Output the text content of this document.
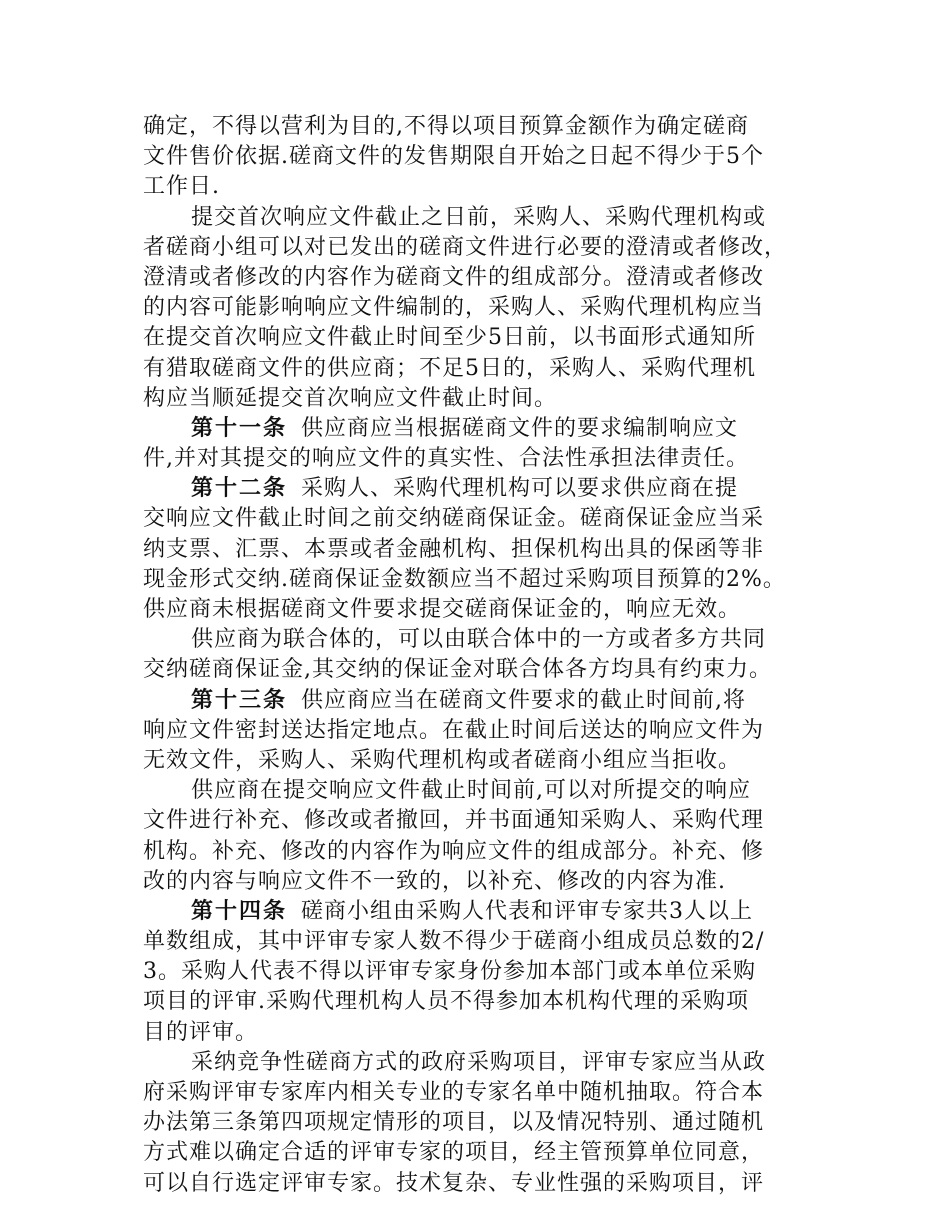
确定，不得以营利为目的,不得以项目预算金额作为确定磋商
文件售价依据.磋商文件的发售期限自开始之日起不得少于5个
工作日.
提交首次响应文件截止之日前，采购人、采购代理机构或
者磋商小组可以对已发出的磋商文件进行必要的澄清或者修改，
澄清或者修改的内容作为磋商文件的组成部分。澄清或者修改
的内容可能影响响应文件编制的，采购人、采购代理机构应当
在提交首次响应文件截止时间至少5日前，以书面形式通知所
有猎取磋商文件的供应商；不足5日的，采购人、采购代理机
构应当顺延提交首次响应文件截止时间。
第十一条 供应商应当根据磋商文件的要求编制响应文
件,并对其提交的响应文件的真实性、合法性承担法律责任。
第十二条 采购人、采购代理机构可以要求供应商在提
交响应文件截止时间之前交纳磋商保证金。磋商保证金应当采
纳支票、汇票、本票或者金融机构、担保机构出具的保函等非
现金形式交纳.磋商保证金数额应当不超过采购项目预算的2%。
供应商未根据磋商文件要求提交磋商保证金的，响应无效。
供应商为联合体的，可以由联合体中的一方或者多方共同
交纳磋商保证金,其交纳的保证金对联合体各方均具有约束力。
第十三条 供应商应当在磋商文件要求的截止时间前,将
响应文件密封送达指定地点。在截止时间后送达的响应文件为
无效文件，采购人、采购代理机构或者磋商小组应当拒收。
供应商在提交响应文件截止时间前,可以对所提交的响应
文件进行补充、修改或者撤回，并书面通知采购人、采购代理
机构。补充、修改的内容作为响应文件的组成部分。补充、修
改的内容与响应文件不一致的，以补充、修改的内容为准.
第十四条 磋商小组由采购人代表和评审专家共3人以上
单数组成，其中评审专家人数不得少于磋商小组成员总数的2/
3。采购人代表不得以评审专家身份参加本部门或本单位采购
项目的评审.采购代理机构人员不得参加本机构代理的采购项
目的评审。
采纳竞争性磋商方式的政府采购项目，评审专家应当从政
府采购评审专家库内相关专业的专家名单中随机抽取。符合本
办法第三条第四项规定情形的项目，以及情况特别、通过随机
方式难以确定合适的评审专家的项目，经主管预算单位同意，
可以自行选定评审专家。技术复杂、专业性强的采购项目，评
